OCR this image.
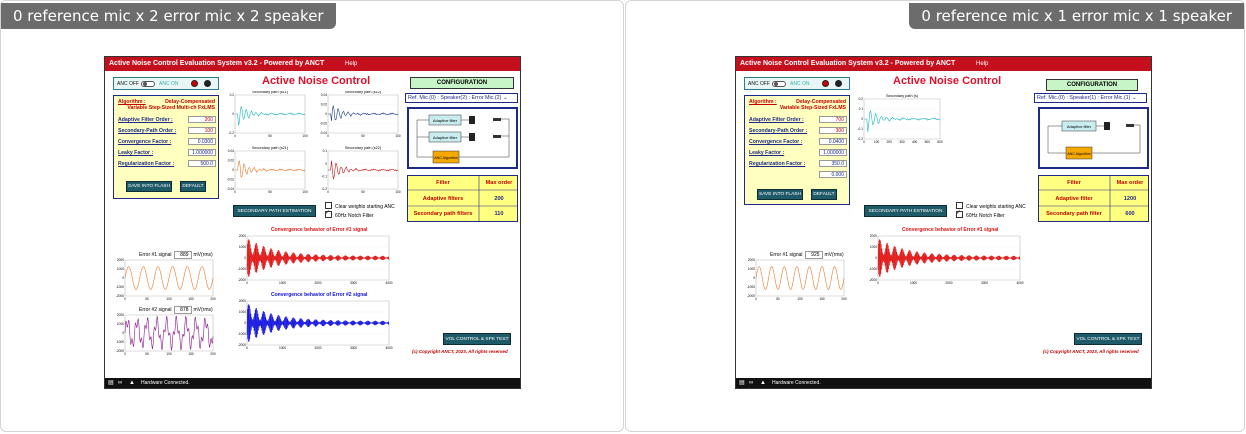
0 reference mic x 2 error mic x 2 speaker
Active Noise Control Evaluation System v3.2 - Powered by ANCT	Help
ANC OFF	ANC ON
Algorithm :	Delay-Compensated
Variable Step-Sized Multi-ch FxLMS
Adaptive Filter Order :	200
Secondary-Path Order :	100
Convergence Factor :	0.0300
Leaky Factor :	1.000000
Regularization Factor :	500.0
SAVE INTO FLASH	DEFAULT
Active Noise Control
0.2
0
-0.2
0	50	100
Secondary path (s11)
0.04
0.02
0
-0.02
-0.04
0	50	100
Secondary path (s12)
0.04
0.02
0
-0.02
-0.04
0	50	100
Secondary path (s21)
0.1
0
-0.1
-0.2
0	50	100
Secondary path (s22)
SECONDARY PATH ESTIMATION
Clear weights starting ANC
✓60Hz Notch Filter
CONFIGURATION
Ref. Mic.(0) : Speaker(2) : Error Mic.(2) ⌄
Adaptive filter
Adaptive filter
ANC Algorithm
Filter	Max order
Adaptive filters	200
Secondary path filters	110
Convergence behavior of Error #1 signal
2000
1000
0
-1000
-2000
0	1000	2000	3000	4000
Convergence behavior of Error #2 signal
2000
1000
0
-1000
-2000
0	1000	2000	3000	4000
Error #1 signal 889 mV(rms)
2000
1000
0
-1000
-2000
0	50	100	150	200
Error #2 signal 878 mV(rms)
2000
1000
0
-1000
-2000
0	50	100	150	200
VOL CONTROL & SPK TEST
(c) Copyright ANCT, 2023, All rights reserved
▤ ∞ ▲ Hardware Connected.
0 reference mic x 1 error mic x 1 speaker
Active Noise Control Evaluation System v3.2 - Powered by ANCT	Help
ANC OFF	ANC ON
Algorithm :	Delay-Compensated
Variable Step-Sized FxLMS
Adaptive Filter Order :	700
Secondary-Path Order :	300
Convergence Factor :	0.0400
Leaky Factor :	1.000000
Regularization Factor :	350.0
0.000
SAVE INTO FLASH	DEFAULT
Active Noise Control
0.2
0.1
0
-0.1
-0.2
0	100 200 300 400 500 600
Secondary path (s)
SECONDARY PATH ESTIMATION
Clear weights starting ANC
✓60Hz Notch Filter
CONFIGURATION
Ref. Mic.(0) : Speaker(1) : Error Mic.(1) ⌄
Adaptive filter
ANC Algorithm
Filter	Max order
Adaptive filter	1200
Secondary path filter	600
Convergence behavior of Error #1 signal
2000
1000
0
-1000
-2000
0	1000	2000	3000	4000
Error #1 signal 925 mV(rms)
2000
1000
0
-1000
-2000
0	50	100	150	200
VOL CONTROL & SPK TEST
(c) Copyright ANCT, 2023, All rights reserved
▤ ∞ ▲ Hardware Connected.
